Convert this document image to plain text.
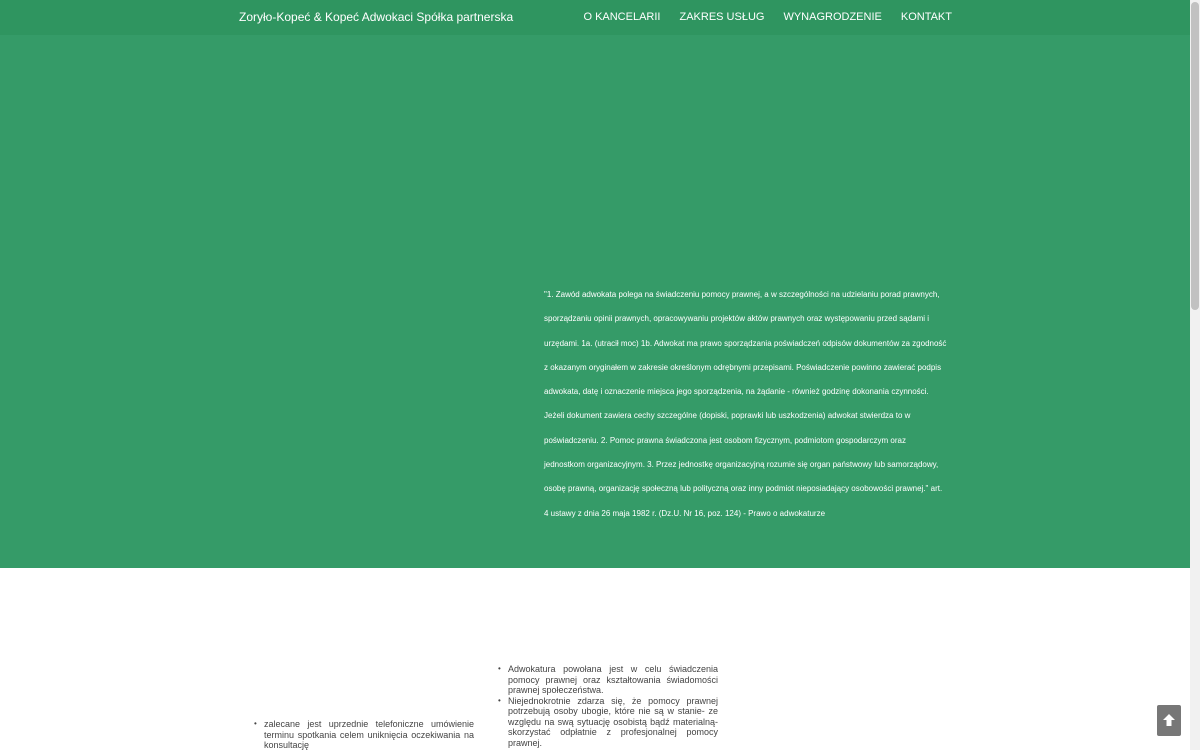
Zoryło-Kopeć & Kopeć Adwokaci Spółka partnerska	O KANCELARII ZAKRES USŁUG WYNAGRODZENIE KONTAKT

"1. Zawód adwokata polega na świadczeniu pomocy prawnej, a w szczególności na udzielaniu porad prawnych, sporządzaniu opinii prawnych, opracowywaniu projektów aktów prawnych oraz występowaniu przed sądami i urzędami. 1a. (utracił moc) 1b. Adwokat ma prawo sporządzania poświadczeń odpisów dokumentów za zgodność z okazanym oryginałem w zakresie określonym odrębnymi przepisami. Poświadczenie powinno zawierać podpis adwokata, datę i oznaczenie miejsca jego sporządzenia, na żądanie - również godzinę dokonania czynności. Jeżeli dokument zawiera cechy szczególne (dopiski, poprawki lub uszkodzenia) adwokat stwierdza to w poświadczeniu. 2. Pomoc prawna świadczona jest osobom fizycznym, podmiotom gospodarczym oraz jednostkom organizacyjnym. 3. Przez jednostkę organizacyjną rozumie się organ państwowy lub samorządowy, osobę prawną, organizację społeczną lub polityczną oraz inny podmiot nieposiadający osobowości prawnej." art. 4 ustawy z dnia 26 maja 1982 r. (Dz.U. Nr 16, poz. 124) - Prawo o adwokaturze

• zalecane jest uprzednie telefoniczne umówienie terminu spotkania celem uniknięcia oczekiwania na konsultację
• Adwokatura powołana jest w celu świadczenia pomocy prawnej oraz kształtowania świadomości prawnej społeczeństwa.
• Niejednokrotnie zdarza się, że pomocy prawnej potrzebują osoby ubogie, które nie są w stanie- ze względu na swą sytuację osobistą bądź materialną- skorzystać odpłatnie z profesjonalnej pomocy prawnej.
